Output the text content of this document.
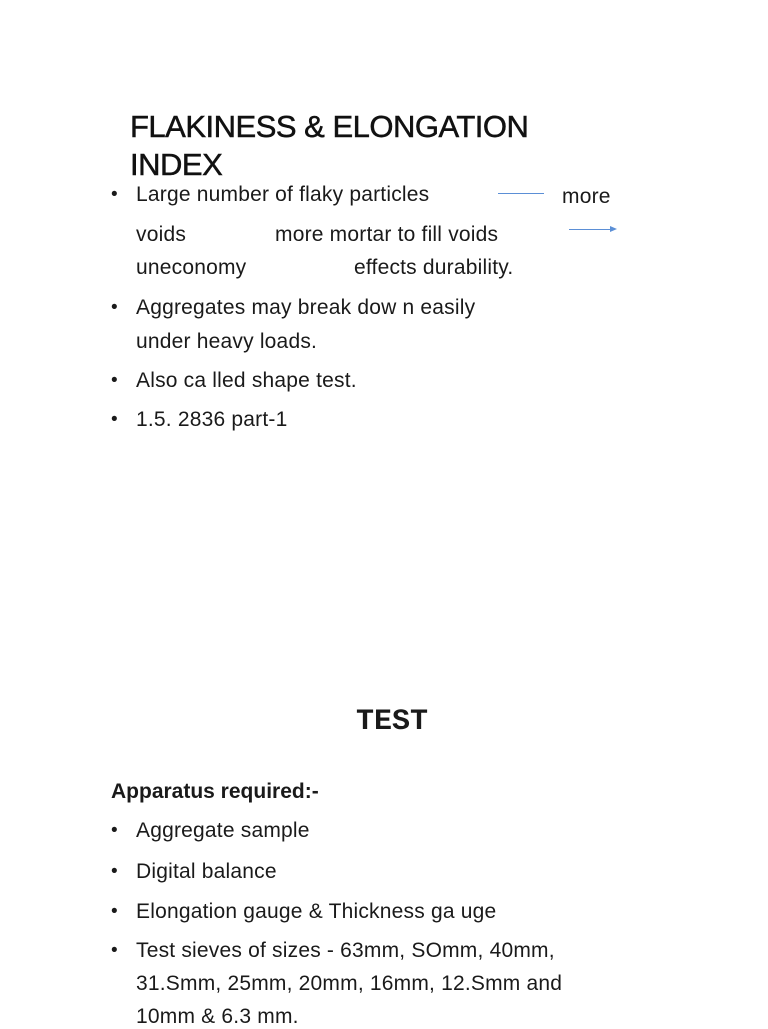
FLAKINESS & ELONGATION
INDEX
• Large number of flaky particles	more
voids	more mortar to fill voids
uneconomy	effects durability.
• Aggregates may break dow n easily
under heavy loads.
• Also ca lled shape test.
• 1.5. 2836 part-1
TEST
Apparatus required:-
• Aggregate sample
• Digital balance
• Elongation gauge & Thickness ga uge
• Test sieves of sizes - 63mm, SOmm, 40mm,
31.Smm, 25mm, 20mm, 16mm, 12.Smm and
10mm & 6.3 mm.
